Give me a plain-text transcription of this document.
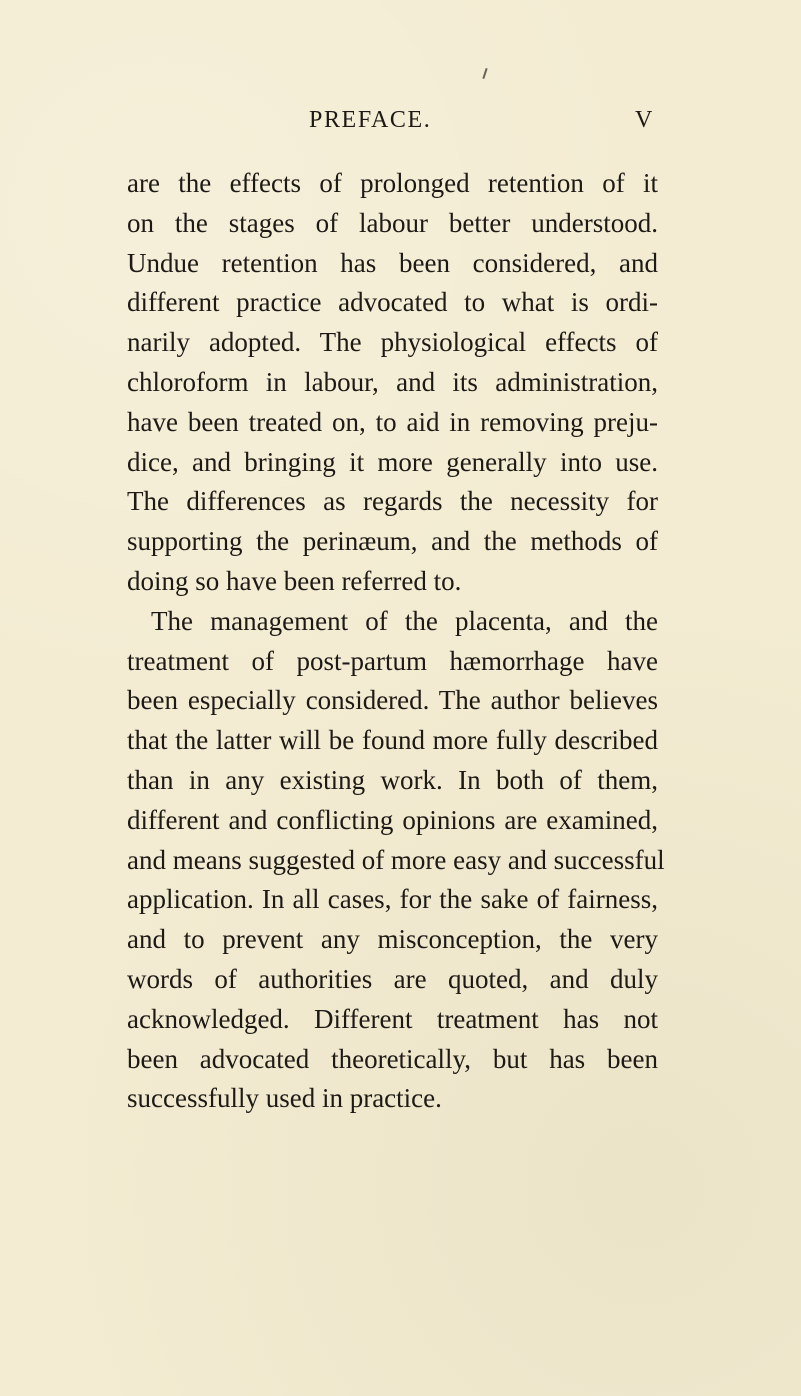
PREFACE.	V
are the effects of prolonged retention of it
on the stages of labour better understood.
Undue retention has been considered, and
different practice advocated to what is ordi-
narily adopted. The physiological effects of
chloroform in labour, and its administration,
have been treated on, to aid in removing preju-
dice, and bringing it more generally into use.
The differences as regards the necessity for
supporting the perinæum, and the methods of
doing so have been referred to.
The management of the placenta, and the
treatment of post-partum hæmorrhage have
been especially considered. The author believes
that the latter will be found more fully described
than in any existing work. In both of them,
different and conflicting opinions are examined,
and means suggested of more easy and successful
application. In all cases, for the sake of fairness,
and to prevent any misconception, the very
words of authorities are quoted, and duly
acknowledged. Different treatment has not
been advocated theoretically, but has been
successfully used in practice.
